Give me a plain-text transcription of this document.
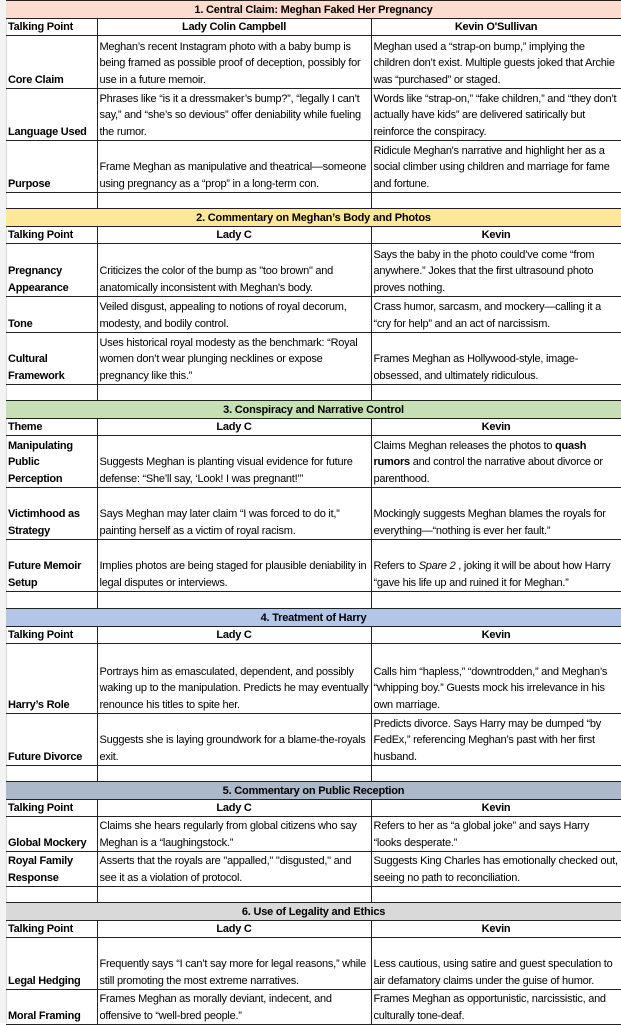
1. Central Claim: Meghan Faked Her Pregnancy		
Talking Point	Lady Colin Campbell	Kevin O'Sullivan
Core Claim	Meghan’s recent Instagram photo with a baby bump is being framed as possible proof of deception, possibly for use in a future memoir.	Meghan used a “strap-on bump,” implying the children don’t exist. Multiple guests joked that Archie was “purchased” or staged.
Language Used	Phrases like “is it a dressmaker’s bump?”, “legally I can’t say,” and “she’s so devious” offer deniability while fueling the rumor.	Words like “strap-on,” “fake children,” and “they don’t actually have kids” are delivered satirically but reinforce the conspiracy.
Purpose	Frame Meghan as manipulative and theatrical—someone using pregnancy as a “prop” in a long-term con.	Ridicule Meghan's narrative and highlight her as a social climber using children and marriage for fame and fortune.

2. Commentary on Meghan’s Body and Photos		
Talking Point	Lady C	Kevin
Pregnancy Appearance	Criticizes the color of the bump as "too brown" and anatomically inconsistent with Meghan's body.	Says the baby in the photo could’ve come “from anywhere.” Jokes that the first ultrasound photo proves nothing.
Tone	Veiled disgust, appealing to notions of royal decorum, modesty, and bodily control.	Crass humor, sarcasm, and mockery—calling it a “cry for help” and an act of narcissism.
Cultural Framework	Uses historical royal modesty as the benchmark: “Royal women don’t wear plunging necklines or expose pregnancy like this.”	Frames Meghan as Hollywood-style, image-obsessed, and ultimately ridiculous.

3. Conspiracy and Narrative Control		
Theme	Lady C	Kevin
Manipulating Public Perception	Suggests Meghan is planting visual evidence for future defense: “She’ll say, ‘Look! I was pregnant!’”	Claims Meghan releases the photos to quash rumors and control the narrative about divorce or parenthood.
Victimhood as Strategy	Says Meghan may later claim “I was forced to do it,” painting herself as a victim of royal racism.	Mockingly suggests Meghan blames the royals for everything—“nothing is ever her fault.”
Future Memoir Setup	Implies photos are being staged for plausible deniability in legal disputes or interviews.	Refers to Spare 2 , joking it will be about how Harry “gave his life up and ruined it for Meghan.”

4. Treatment of Harry		
Talking Point	Lady C	Kevin
Harry’s Role	Portrays him as emasculated, dependent, and possibly waking up to the manipulation. Predicts he may eventually renounce his titles to spite her.	Calls him “hapless,” “downtrodden,” and Meghan’s “whipping boy.” Guests mock his irrelevance in his own marriage.
Future Divorce	Suggests she is laying groundwork for a blame-the-royals exit.	Predicts divorce. Says Harry may be dumped “by FedEx,” referencing Meghan’s past with her first husband.

5. Commentary on Public Reception		
Talking Point	Lady C	Kevin
Global Mockery	Claims she hears regularly from global citizens who say Meghan is a “laughingstock.”	Refers to her as “a global joke” and says Harry “looks desperate.”
Royal Family Response	Asserts that the royals are "appalled," "disgusted," and see it as a violation of protocol.	Suggests King Charles has emotionally checked out, seeing no path to reconciliation.

6. Use of Legality and Ethics		
Talking Point	Lady C	Kevin
Legal Hedging	Frequently says “I can’t say more for legal reasons,” while still promoting the most extreme narratives.	Less cautious, using satire and guest speculation to air defamatory claims under the guise of humor.
Moral Framing	Frames Meghan as morally deviant, indecent, and offensive to “well-bred people.”	Frames Meghan as opportunistic, narcissistic, and culturally tone-deaf.
